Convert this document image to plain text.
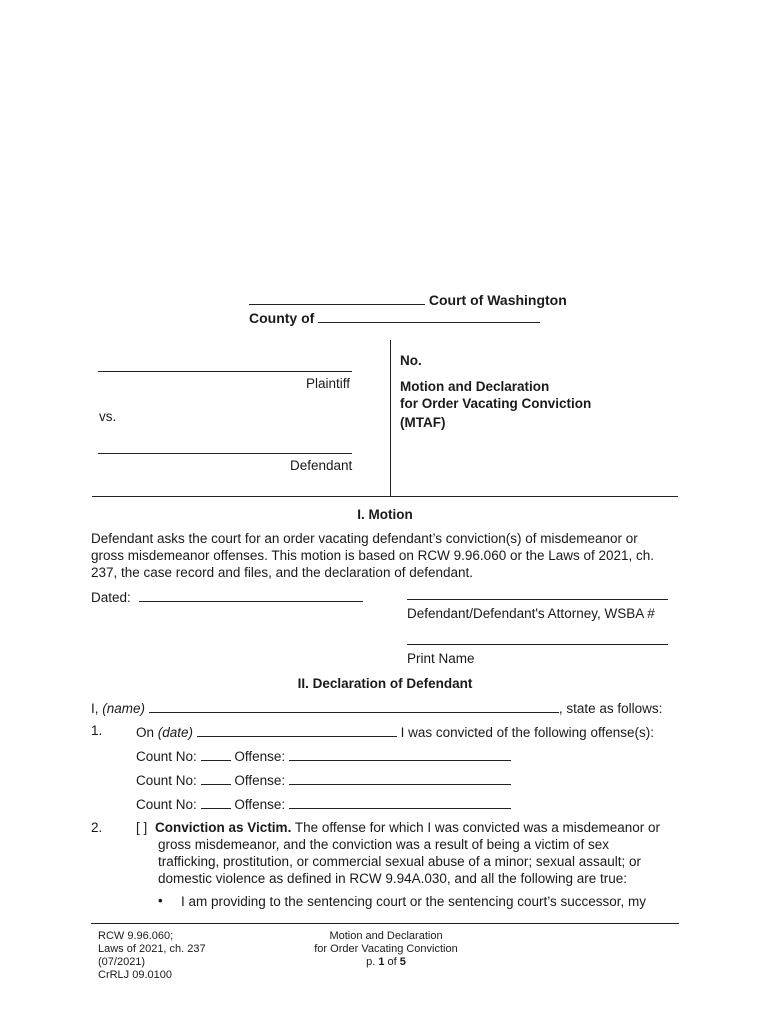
Court of Washington
County of
Plaintiff
vs.
Defendant
No.
Motion and Declaration
for Order Vacating Conviction
(MTAF)
I. Motion
Defendant asks the court for an order vacating defendant’s conviction(s) of misdemeanor or gross misdemeanor offenses. This motion is based on RCW 9.96.060 or the Laws of 2021, ch. 237, the case record and files, and the declaration of defendant.
Dated:
Defendant/Defendant's Attorney, WSBA #
Print Name
II. Declaration of Defendant
I, (name)	, state as follows:
1. On (date)	I was convicted of the following offense(s):
Count No:	Offense:
Count No:	Offense:
Count No:	Offense:
2. [ ] Conviction as Victim. The offense for which I was convicted was a misdemeanor or
gross misdemeanor, and the conviction was a result of being a victim of sex
trafficking, prostitution, or commercial sexual abuse of a minor; sexual assault; or
domestic violence as defined in RCW 9.94A.030, and all the following are true:
• I am providing to the sentencing court or the sentencing court’s successor, my
RCW 9.96.060;
Laws of 2021, ch. 237
(07/2021)
CrRLJ 09.0100
Motion and Declaration
for Order Vacating Conviction
p. 1 of 5
